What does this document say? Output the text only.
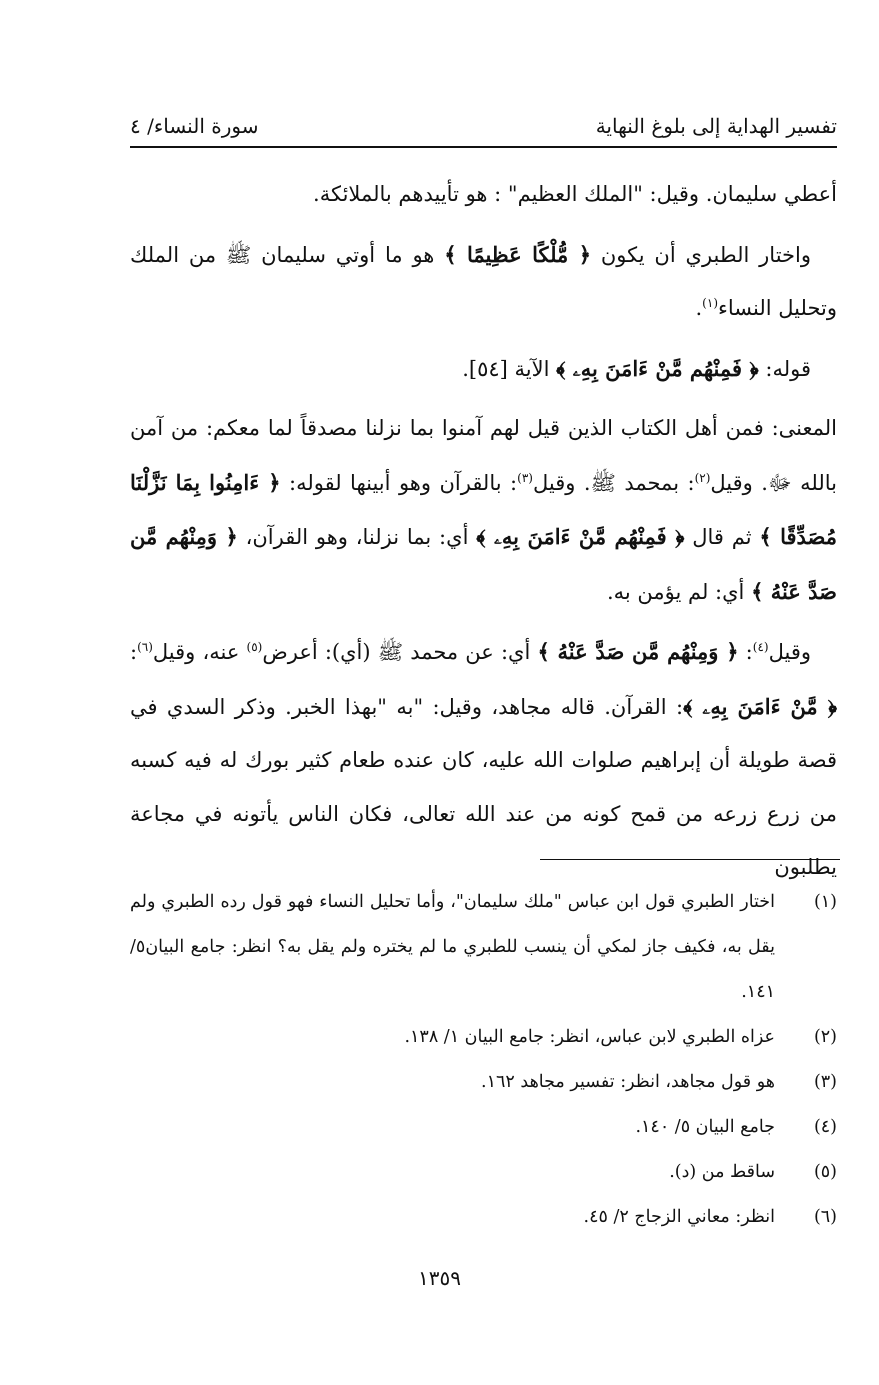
تفسير الهداية إلى بلوغ النهاية
سورة النساء/ ٤

أعطي سليمان. وقيل: "الملك العظيم" : هو تأييدهم بالملائكة.

واختار الطبري أن يكون ﴿ مُّلْكًا عَظِيمًا ﴾ هو ما أوتي سليمان ﷺ من الملك وتحليل النساء$^{(١)}$.

قوله: ﴿ فَمِنْهُم مَّنْ ءَامَنَ بِهِۦ ﴾ الآية [٥٤].

المعنى: فمن أهل الكتاب الذين قيل لهم آمنوا بما نزلنا مصدقاً لما معكم: من آمن بالله ﷻ. وقيل$^{(٢)}$: بمحمد ﷺ. وقيل$^{(٣)}$: بالقرآن وهو أبينها لقوله: ﴿ ءَامِنُوا بِمَا نَزَّلْنَا مُصَدِّقًا ﴾ ثم قال ﴿ فَمِنْهُم مَّنْ ءَامَنَ بِهِۦ ﴾ أي: بما نزلنا، وهو القرآن، ﴿ وَمِنْهُم مَّن صَدَّ عَنْهُ ﴾ أي: لم يؤمن به.

وقيل$^{(٤)}$: ﴿ وَمِنْهُم مَّن صَدَّ عَنْهُ ﴾ أي: عن محمد ﷺ (أي): أعرض$^{(٥)}$ عنه، وقيل$^{(٦)}$: ﴿ مَّنْ ءَامَنَ بِهِۦ ﴾: القرآن. قاله مجاهد، وقيل: "به "بهذا الخبر. وذكر السدي في قصة طويلة أن إبراهيم صلوات الله عليه، كان عنده طعام كثير بورك له فيه كسبه من زرع زرعه من قمح كونه من عند الله تعالى، فكان الناس يأتونه في مجاعة يطلبون

(١)
اختار الطبري قول ابن عباس "ملك سليمان"، وأما تحليل النساء فهو قول رده الطبري ولم يقل به، فكيف جاز لمكي أن ينسب للطبري ما لم يختره ولم يقل به؟ انظر: جامع البيان٥/ ١٤١.
(٢)
عزاه الطبري لابن عباس، انظر: جامع البيان ١/ ١٣٨.
(٣)
هو قول مجاهد، انظر: تفسير مجاهد ١٦٢.
(٤)
جامع البيان ٥/ ١٤٠.
(٥)
ساقط من (د).
(٦)
انظر: معاني الزجاج ٢/ ٤٥.
١٣٥٩
